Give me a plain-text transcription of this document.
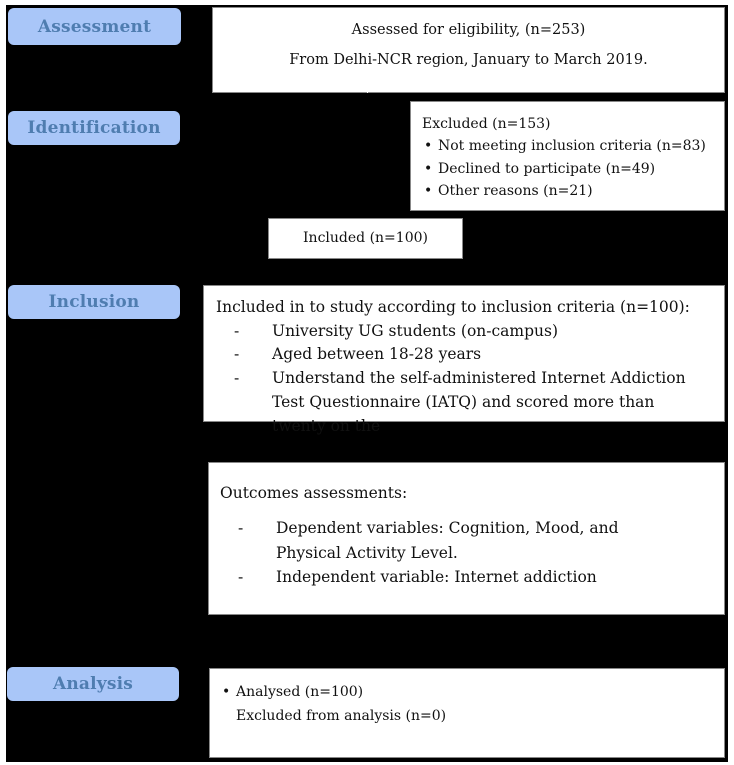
Assessment
Identification
Inclusion
Analysis
Assessed for eligibility, (n=253)
From Delhi-NCR region, January to March 2019.
Excluded (n=153)
• Not meeting inclusion criteria (n=83)
• Declined to participate (n=49)
• Other reasons (n=21)
Included (n=100)
Included in to study according to inclusion criteria (n=100):
- University UG students (on-campus)
- Aged between 18-28 years
- Understand the self-administered Internet Addiction Test Questionnaire (IATQ) and scored more than twenty on the
Outcomes assessments:
- Dependent variables: Cognition, Mood, and Physical Activity Level.
- Independent variable: Internet addiction
• Analysed (n=100)
Excluded from analysis (n=0)
